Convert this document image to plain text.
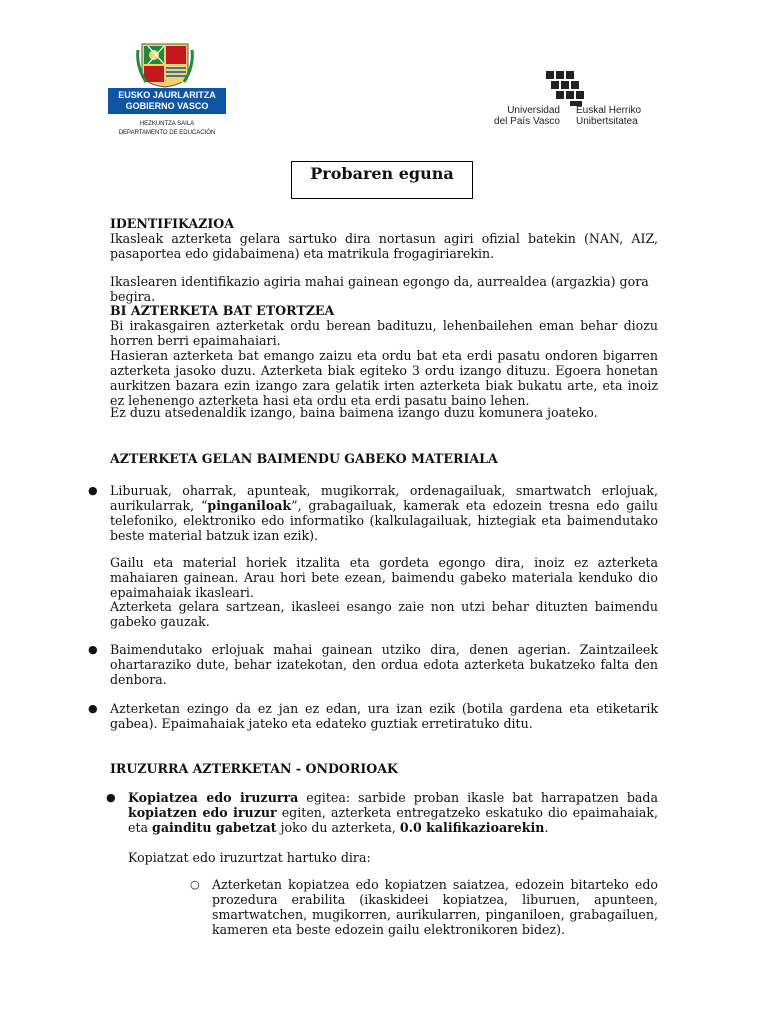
EUSKO JAURLARITZA
GOBIERNO VASCO
HEZKUNTZA SAILA
DEPARTAMENTO DE EDUCACIÓN
Universidad
del País Vasco
Euskal Herriko
Unibertsitatea
Probaren eguna
IDENTIFIKAZIOA
Ikasleak azterketa gelara sartuko dira nortasun agiri ofizial batekin (NAN, AIZ, pasaportea edo gidabaimena) eta matrikula frogagiriarekin.
Ikaslearen identifikazio agiria mahai gainean egongo da, aurrealdea (argazkia) gora begira.
BI AZTERKETA BAT ETORTZEA
Bi irakasgairen azterketak ordu berean badituzu, lehenbailehen eman behar diozu horren berri epaimahaiari.
Hasieran azterketa bat emango zaizu eta ordu bat eta erdi pasatu ondoren bigarren azterketa jasoko duzu. Azterketa biak egiteko 3 ordu izango dituzu. Egoera honetan aurkitzen bazara ezin izango zara gelatik irten azterketa biak bukatu arte, eta inoiz ez lehenengo azterketa hasi eta ordu eta erdi pasatu baino lehen.
Ez duzu atsedenaldik izango, baina baimena izango duzu komunera joateko.
AZTERKETA GELAN BAIMENDU GABEKO MATERIALA
● Liburuak, oharrak, apunteak, mugikorrak, ordenagailuak, smartwatch erlojuak, aurikularrak, “pinganiloak”, grabagailuak, kamerak eta edozein tresna edo gailu telefoniko, elektroniko edo informatiko (kalkulagailuak, hiztegiak eta baimendutako beste material batzuk izan ezik).
Gailu eta material horiek itzalita eta gordeta egongo dira, inoiz ez azterketa mahaiaren gainean. Arau hori bete ezean, baimendu gabeko materiala kenduko dio epaimahaiak ikasleari.
Azterketa gelara sartzean, ikasleei esango zaie non utzi behar dituzten baimendu gabeko gauzak.
● Baimendutako erlojuak mahai gainean utziko dira, denen agerian. Zaintzaileek ohartaraziko dute, behar izatekotan, den ordua edota azterketa bukatzeko falta den denbora.
● Azterketan ezingo da ez jan ez edan, ura izan ezik (botila gardena eta etiketarik gabea). Epaimahaiak jateko eta edateko guztiak erretiratuko ditu.
IRUZURRA AZTERKETAN - ONDORIOAK
● Kopiatzea edo iruzurra egitea: sarbide proban ikasle bat harrapatzen bada kopiatzen edo iruzur egiten, azterketa entregatzeko eskatuko dio epaimahaiak, eta gainditu gabetzat joko du azterketa, 0.0 kalifikazioarekin.
Kopiatzat edo iruzurtzat hartuko dira:
○ Azterketan kopiatzea edo kopiatzen saiatzea, edozein bitarteko edo prozedura erabilita (ikaskideei kopiatzea, liburuen, apunteen, smartwatchen, mugikorren, aurikularren, pinganiloen, grabagailuen, kameren eta beste edozein gailu elektronikoren bidez).
